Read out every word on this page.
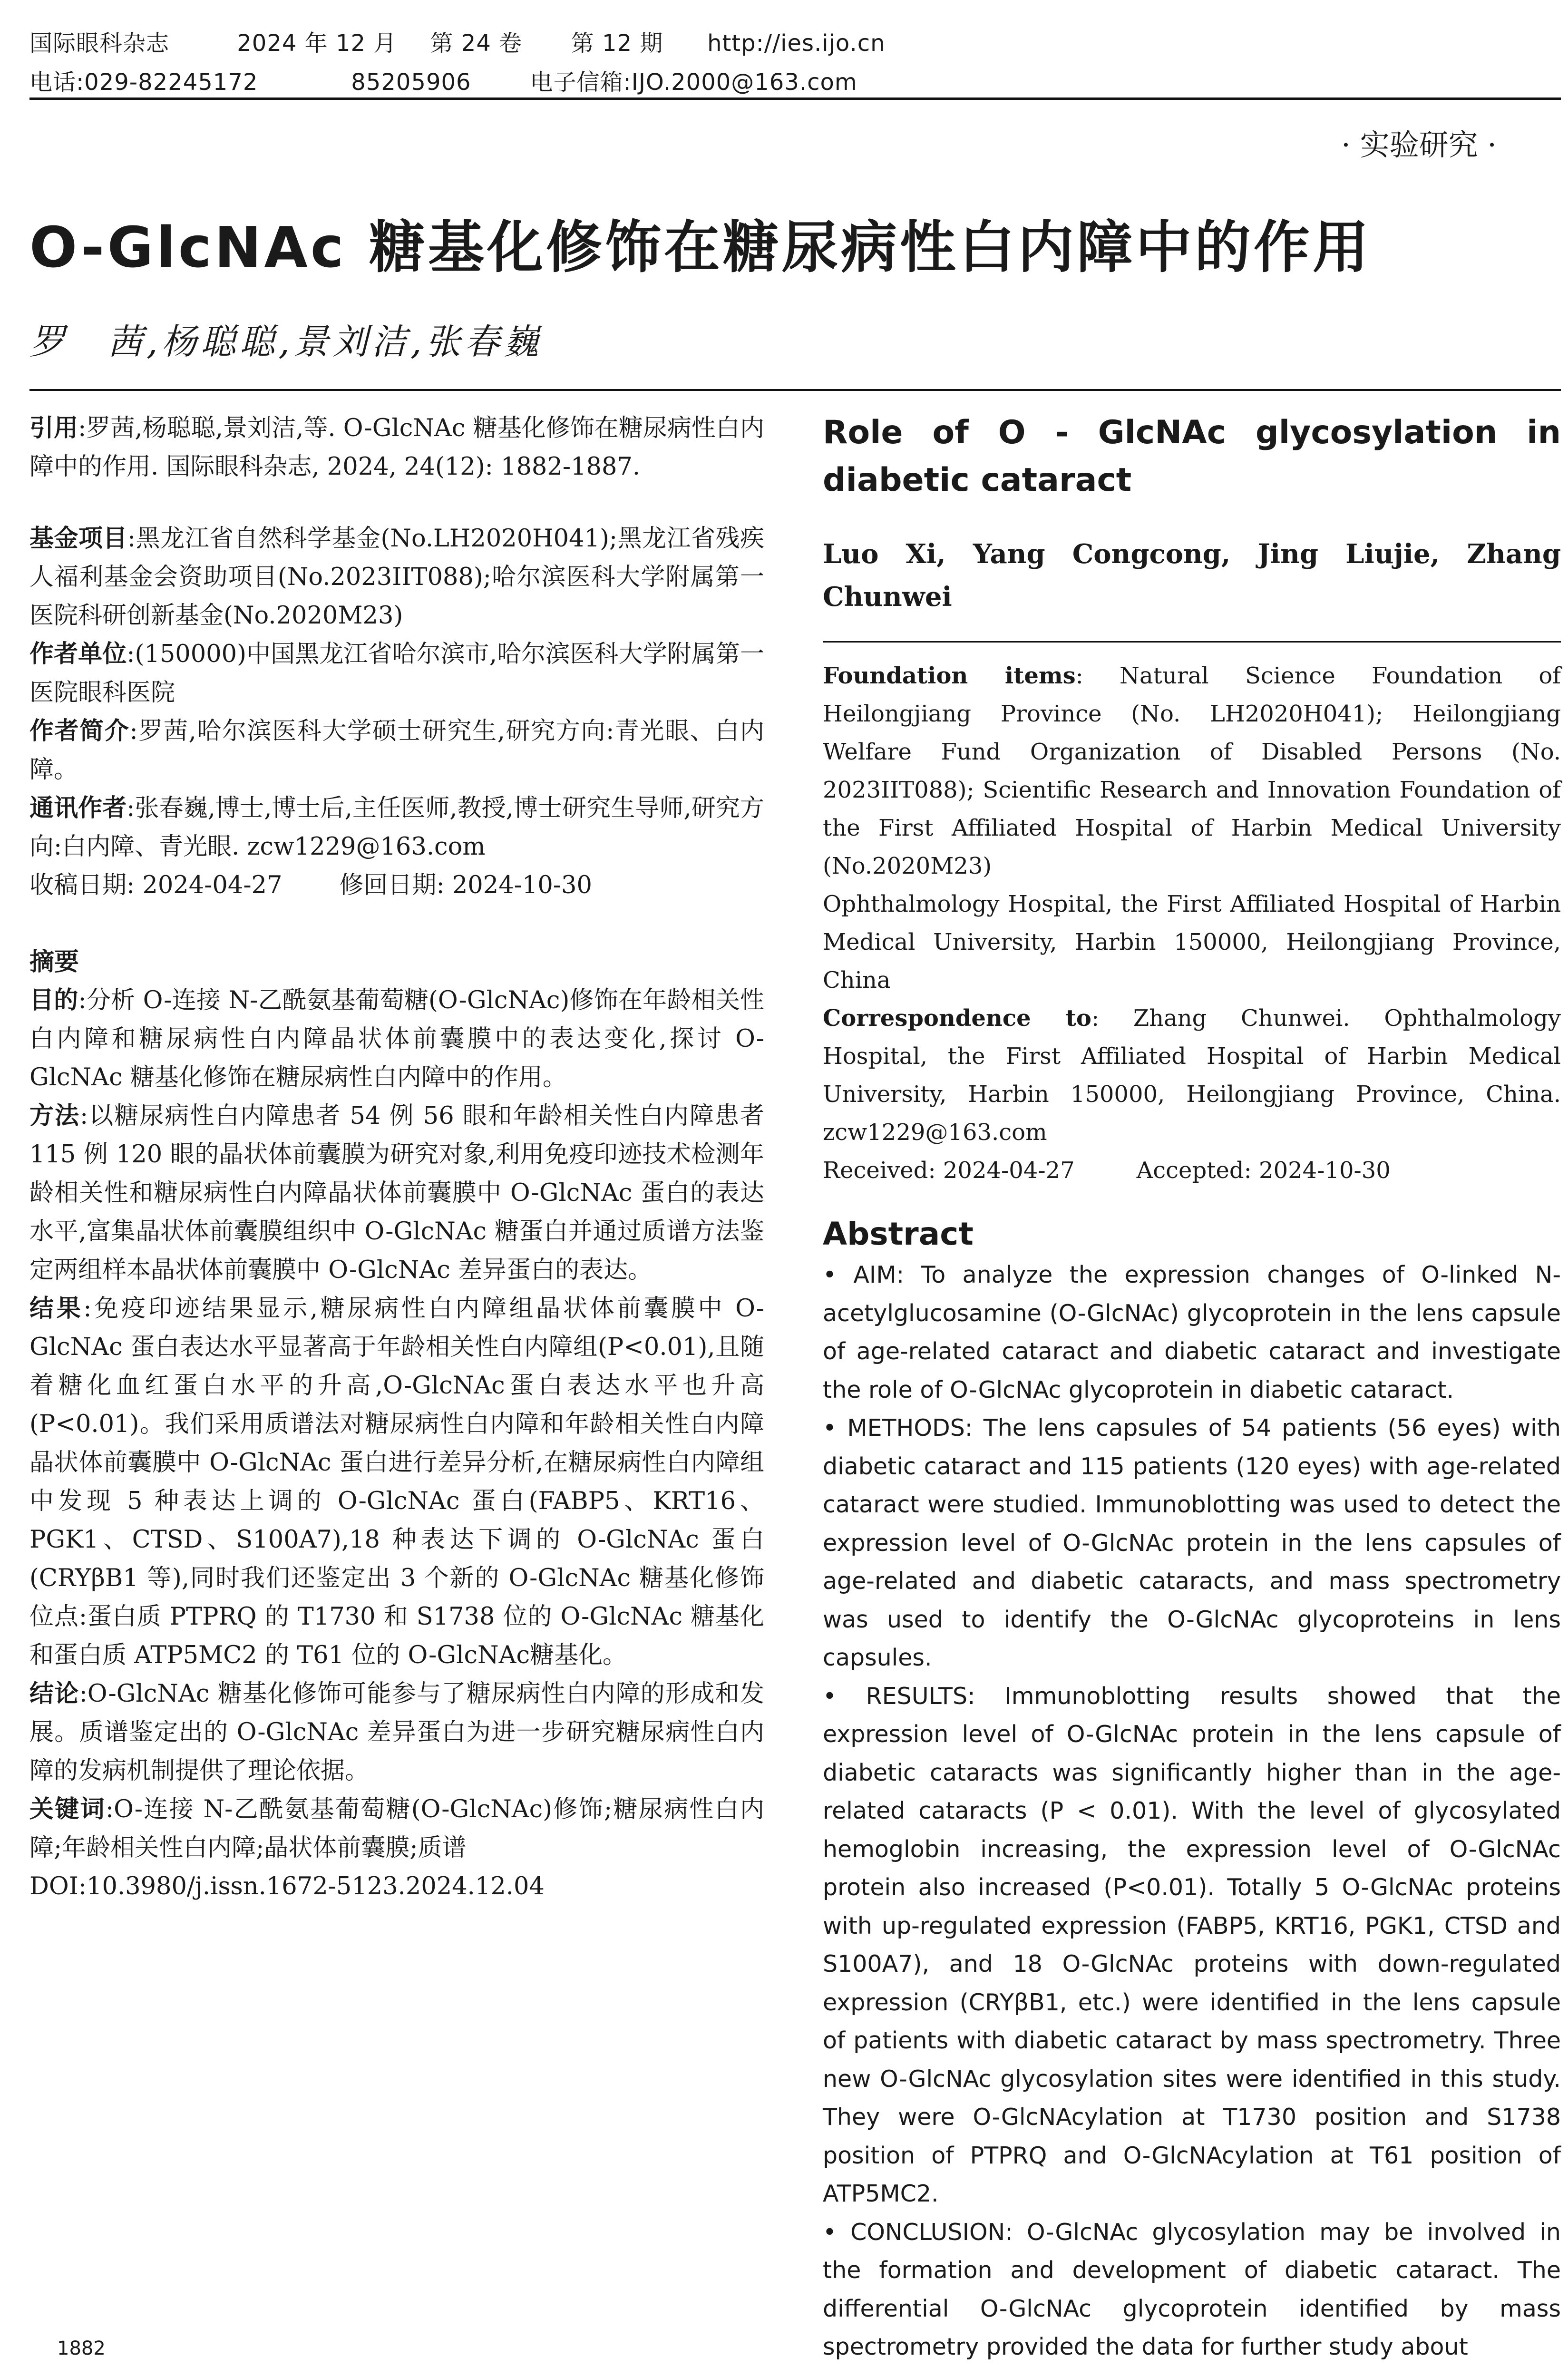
国际眼科杂志	2024 年 12 月 第 24 卷 第 12 期 http://ies.ijo.cn
电话:029-82245172	85205906	电子信箱:IJO.2000@163.com
· 实验研究 ·
O-GlcNAc 糖基化修饰在糖尿病性白内障中的作用
罗　茜,杨聪聪,景刘洁,张春巍

引用:罗茜,杨聪聪,景刘洁,等. O-GlcNAc 糖基化修饰在糖尿病性白内障中的作用. 国际眼科杂志, 2024, 24(12): 1882-1887.

基金项目:黑龙江省自然科学基金(No.LH2020H041);黑龙江省残疾人福利基金会资助项目(No.2023IIT088);哈尔滨医科大学附属第一医院科研创新基金(No.2020M23)

作者单位:(150000)中国黑龙江省哈尔滨市,哈尔滨医科大学附属第一医院眼科医院

作者简介:罗茜,哈尔滨医科大学硕士研究生,研究方向:青光眼、白内障。

通讯作者:张春巍,博士,博士后,主任医师,教授,博士研究生导师,研究方向:白内障、青光眼. zcw1229@163.com

收稿日期: 2024-04-27 修回日期: 2024-10-30

摘要

目的:分析 O-连接 N-乙酰氨基葡萄糖(O-GlcNAc)修饰在年龄相关性白内障和糖尿病性白内障晶状体前囊膜中的表达变化,探讨 O-GlcNAc 糖基化修饰在糖尿病性白内障中的作用。

方法:以糖尿病性白内障患者 54 例 56 眼和年龄相关性白内障患者 115 例 120 眼的晶状体前囊膜为研究对象,利用免疫印迹技术检测年龄相关性和糖尿病性白内障晶状体前囊膜中 O-GlcNAc 蛋白的表达水平,富集晶状体前囊膜组织中 O-GlcNAc 糖蛋白并通过质谱方法鉴定两组样本晶状体前囊膜中 O-GlcNAc 差异蛋白的表达。

结果:免疫印迹结果显示,糖尿病性白内障组晶状体前囊膜中 O-GlcNAc 蛋白表达水平显著高于年龄相关性白内障组(P<0.01),且随着糖化血红蛋白水平的升高,O-GlcNAc蛋白表达水平也升高(P<0.01)。我们采用质谱法对糖尿病性白内障和年龄相关性白内障晶状体前囊膜中 O-GlcNAc 蛋白进行差异分析,在糖尿病性白内障组中发现 5 种表达上调的 O-GlcNAc 蛋白(FABP5、KRT16、PGK1、CTSD、S100A7),18 种表达下调的 O-GlcNAc 蛋白(CRYβB1 等),同时我们还鉴定出 3 个新的 O-GlcNAc 糖基化修饰位点:蛋白质 PTPRQ 的 T1730 和 S1738 位的 O-GlcNAc 糖基化和蛋白质 ATP5MC2 的 T61 位的 O-GlcNAc糖基化。

结论:O-GlcNAc 糖基化修饰可能参与了糖尿病性白内障的形成和发展。质谱鉴定出的 O-GlcNAc 差异蛋白为进一步研究糖尿病性白内障的发病机制提供了理论依据。

关键词:O-连接 N-乙酰氨基葡萄糖(O-GlcNAc)修饰;糖尿病性白内障;年龄相关性白内障;晶状体前囊膜;质谱

DOI:10.3980/j.issn.1672-5123.2024.12.04

Role of O - GlcNAc glycosylation in diabetic cataract

Luo Xi, Yang Congcong, Jing Liujie, Zhang Chunwei

Foundation items: Natural Science Foundation of Heilongjiang Province (No. LH2020H041); Heilongjiang Welfare Fund Organization of Disabled Persons (No. 2023IIT088); Scientific Research and Innovation Foundation of the First Affiliated Hospital of Harbin Medical University (No.2020M23)

Ophthalmology Hospital, the First Affiliated Hospital of Harbin Medical University, Harbin 150000, Heilongjiang Province, China

Correspondence to: Zhang Chunwei. Ophthalmology Hospital, the First Affiliated Hospital of Harbin Medical University, Harbin 150000, Heilongjiang Province, China. zcw1229@163.com

Received: 2024-04-27	Accepted: 2024-10-30

Abstract

• AIM: To analyze the expression changes of O-linked N-acetylglucosamine (O-GlcNAc) glycoprotein in the lens capsule of age-related cataract and diabetic cataract and investigate the role of O-GlcNAc glycoprotein in diabetic cataract.

• METHODS: The lens capsules of 54 patients (56 eyes) with diabetic cataract and 115 patients (120 eyes) with age-related cataract were studied. Immunoblotting was used to detect the expression level of O-GlcNAc protein in the lens capsules of age-related and diabetic cataracts, and mass spectrometry was used to identify the O-GlcNAc glycoproteins in lens capsules.

• RESULTS: Immunoblotting results showed that the expression level of O-GlcNAc protein in the lens capsule of diabetic cataracts was significantly higher than in the age-related cataracts (P < 0.01). With the level of glycosylated hemoglobin increasing, the expression level of O-GlcNAc protein also increased (P<0.01). Totally 5 O-GlcNAc proteins with up-regulated expression (FABP5, KRT16, PGK1, CTSD and S100A7), and 18 O-GlcNAc proteins with down-regulated expression (CRYβB1, etc.) were identified in the lens capsule of patients with diabetic cataract by mass spectrometry. Three new O-GlcNAc glycosylation sites were identified in this study. They were O-GlcNAcylation at T1730 position and S1738 position of PTPRQ and O-GlcNAcylation at T61 position of ATP5MC2.

• CONCLUSION: O-GlcNAc glycosylation may be involved in the formation and development of diabetic cataract. The differential O-GlcNAc glycoprotein identified by mass spectrometry provided the data for further study about

1882
